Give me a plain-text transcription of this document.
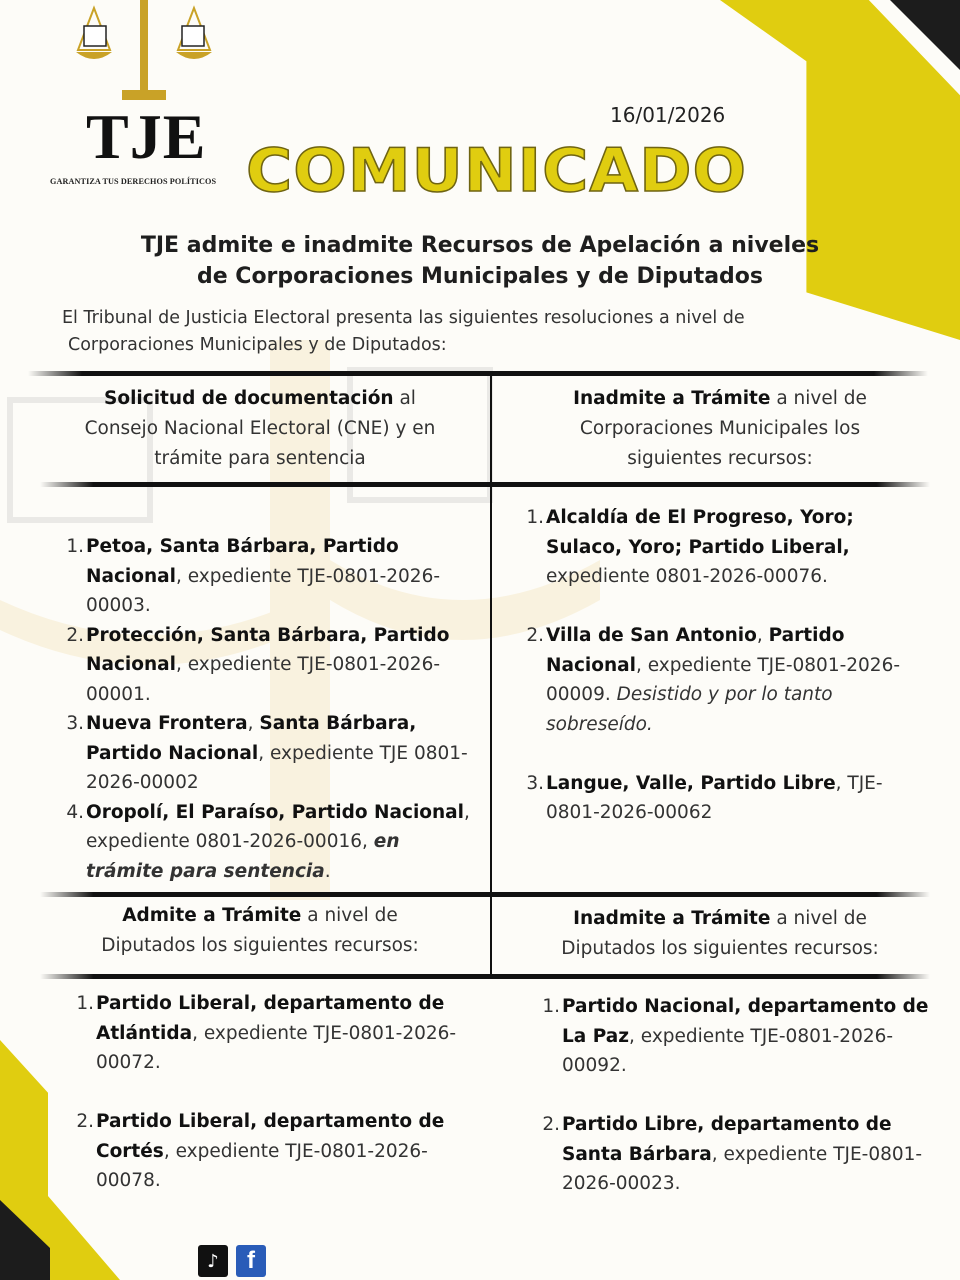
TJE
GARANTIZA TUS DERECHOS POLÍTICOS
16/01/2026
COMUNICADO
TJE admite e inadmite Recursos de Apelación a niveles
de Corporaciones Municipales y de Diputados
El Tribunal de Justicia Electoral presenta las siguientes resoluciones a nivel de
Corporaciones Municipales y de Diputados:
Solicitud de documentación al
Consejo Nacional Electoral (CNE) y en
trámite para sentencia
Inadmite a Trámite a nivel de
Corporaciones Municipales los
siguientes recursos:
1. Petoa, Santa Bárbara, Partido Nacional, expediente TJE-0801-2026-00003.
2. Protección, Santa Bárbara, Partido Nacional, expediente TJE-0801-2026-00001.
3. Nueva Frontera, Santa Bárbara, Partido Nacional, expediente TJE 0801-2026-00002
4. Oropolí, El Paraíso, Partido Nacional, expediente 0801-2026-00016, en trámite para sentencia.
1. Alcaldía de El Progreso, Yoro; Sulaco, Yoro; Partido Liberal, expediente 0801-2026-00076.
2. Villa de San Antonio, Partido Nacional, expediente TJE-0801-2026-00009. Desistido y por lo tanto sobreseído.
3. Langue, Valle, Partido Libre, TJE-0801-2026-00062
Admite a Trámite a nivel de
Diputados los siguientes recursos:
Inadmite a Trámite a nivel de
Diputados los siguientes recursos:
1. Partido Liberal, departamento de Atlántida, expediente TJE-0801-2026-00072.
2. Partido Liberal, departamento de Cortés, expediente TJE-0801-2026-00078.
1. Partido Nacional, departamento de La Paz, expediente TJE-0801-2026-00092.
2. Partido Libre, departamento de Santa Bárbara, expediente TJE-0801-2026-00023.
♪	f
